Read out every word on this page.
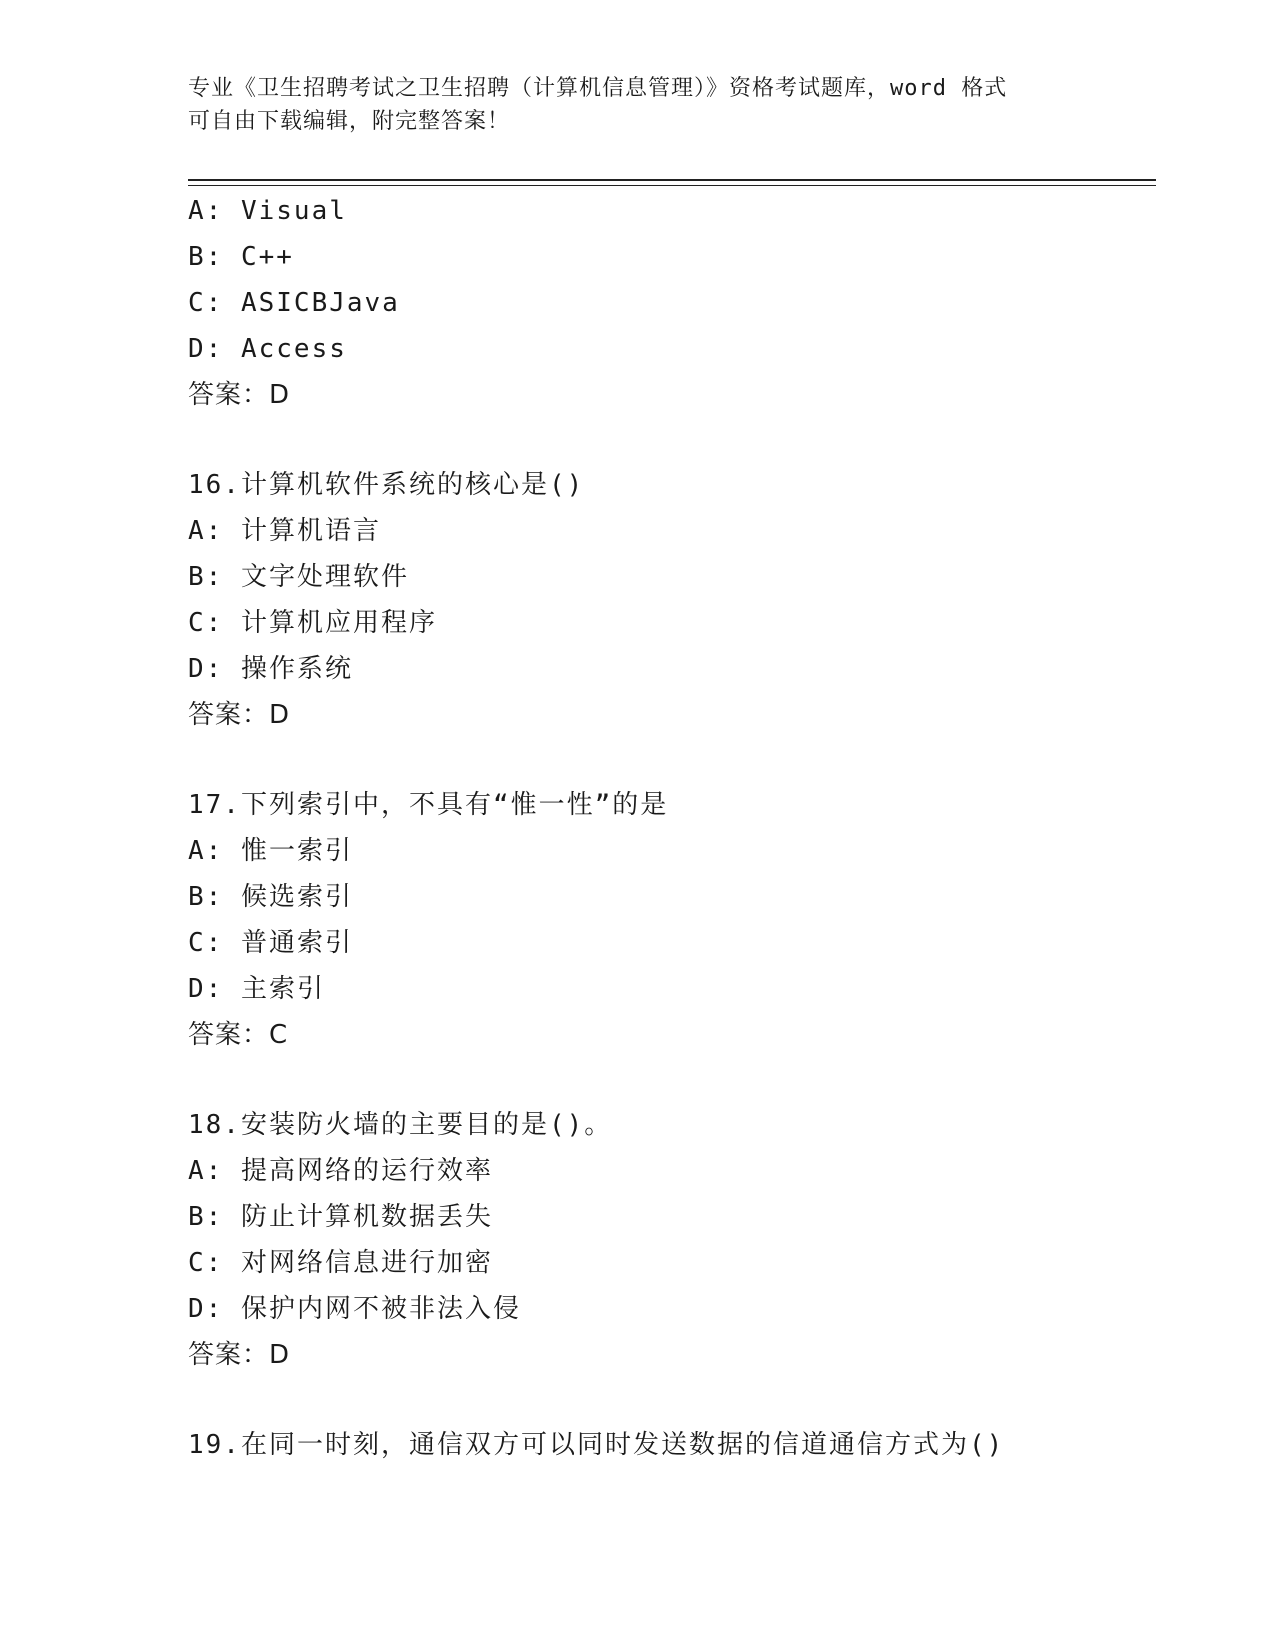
专业《卫生招聘考试之卫生招聘（计算机信息管理）》资格考试题库，word 格式
可自由下载编辑，附完整答案！
A: Visual
B: C++
C: ASICBJava
D: Access
答案：D
16.计算机软件系统的核心是()
A: 计算机语言
B: 文字处理软件
C: 计算机应用程序
D: 操作系统
答案：D
17.下列索引中，不具有“惟一性”的是
A: 惟一索引
B: 候选索引
C: 普通索引
D: 主索引
答案：C
18.安装防火墙的主要目的是()。
A: 提高网络的运行效率
B: 防止计算机数据丢失
C: 对网络信息进行加密
D: 保护内网不被非法入侵
答案：D
19.在同一时刻，通信双方可以同时发送数据的信道通信方式为()
